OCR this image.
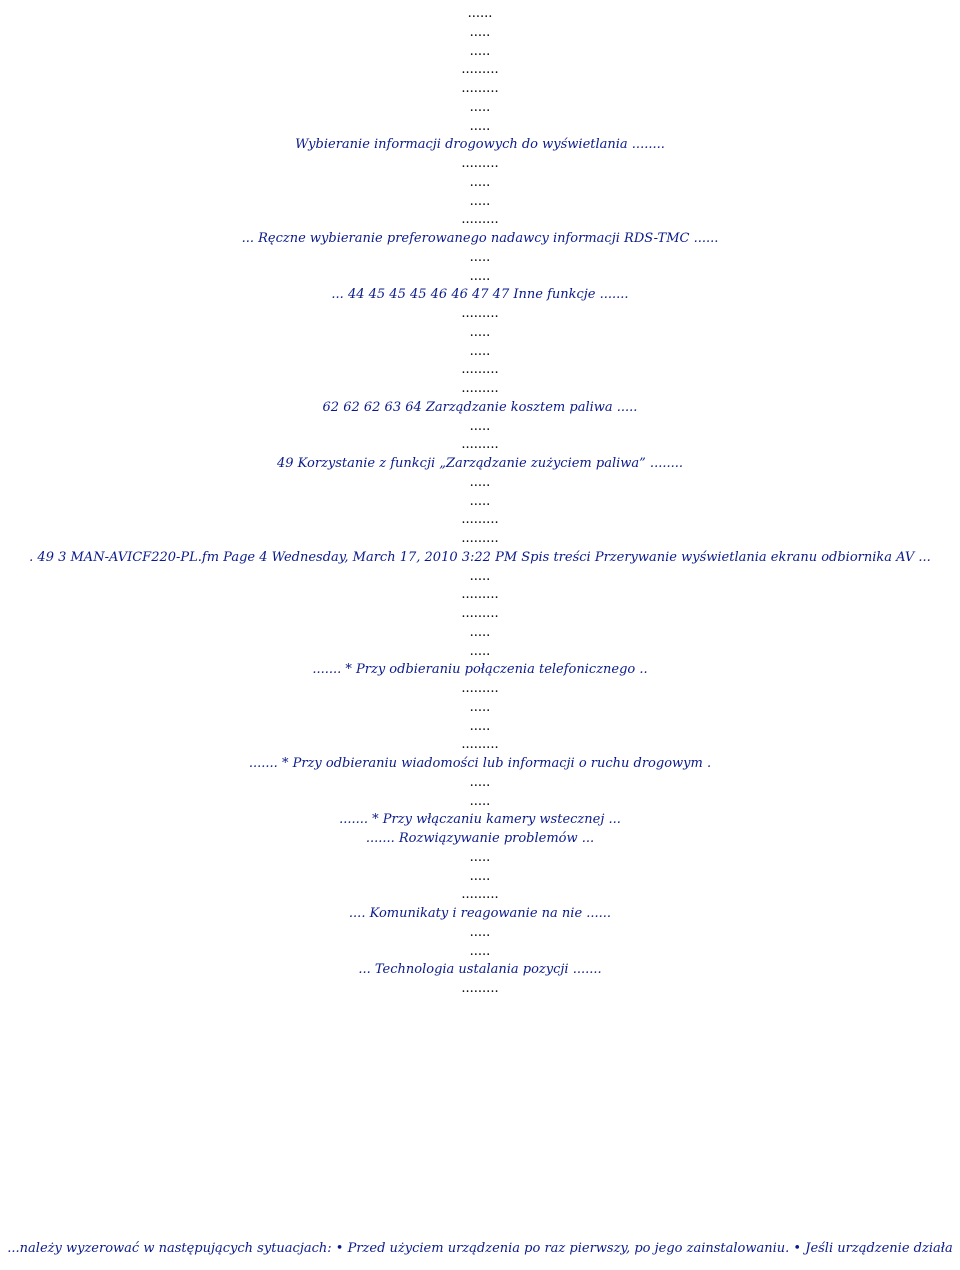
......
.....
.....
.........
.........
.....
.....
Wybieranie informacji drogowych do wyświetlania ........
.........
.....
.....
.........
... Ręczne wybieranie preferowanego nadawcy informacji RDS-TMC ......
.....
.....
... 44 45 45 45 46 46 47 47 Inne funkcje .......
.........
.....
.....
.........
.........
62 62 62 63 64 Zarządzanie kosztem paliwa .....
.....
.........
49 Korzystanie z funkcji „Zarządzanie zużyciem paliwa” ........
.....
.....
.........
.........
. 49 3 MAN-AVICF220-PL.fm Page 4 Wednesday, March 17, 2010 3:22 PM Spis treści Przerywanie wyświetlania ekranu odbiornika AV ...
.....
.........
.........
.....
.....
....... * Przy odbieraniu połączenia telefonicznego ..
.........
.....
.....
.........
....... * Przy odbieraniu wiadomości lub informacji o ruchu drogowym .
.....
.....
....... * Przy włączaniu kamery wstecznej ...
....... Rozwiązywanie problemów ...
.....
.....
.........
.... Komunikaty i reagowanie na nie ......
.....
.....
... Technologia ustalania pozycji .......
.........
...należy wyzerować w następujących sytuacjach: • Przed użyciem urządzenia po raz pierwszy, po jego zainstalowaniu. • Jeśli urządzenie działa
